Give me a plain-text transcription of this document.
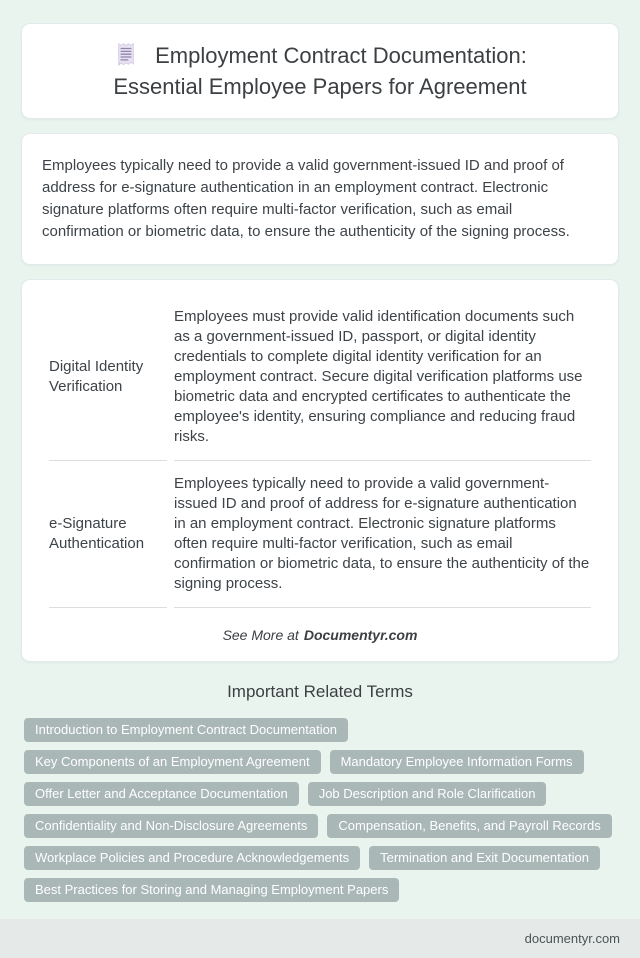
Employment Contract Documentation:
Essential Employee Papers for Agreement

Employees typically need to provide a valid government-issued ID and proof of address for e-signature authentication in an employment contract. Electronic signature platforms often require multi-factor verification, such as email confirmation or biometric data, to ensure the authenticity of the signing process.

Digital Identity Verification	Employees must provide valid identification documents such as a government-issued ID, passport, or digital identity credentials to complete digital identity verification for an employment contract. Secure digital verification platforms use biometric data and encrypted certificates to authenticate the employee's identity, ensuring compliance and reducing fraud risks.
e-Signature Authentication	Employees typically need to provide a valid government-issued ID and proof of address for e-signature authentication in an employment contract. Electronic signature platforms often require multi-factor verification, such as email confirmation or biometric data, to ensure the authenticity of the signing process.
See More at Documentyr.com
Important Related Terms
Introduction to Employment Contract Documentation
Key Components of an Employment Agreement	Mandatory Employee Information Forms
Offer Letter and Acceptance Documentation	Job Description and Role Clarification
Confidentiality and Non-Disclosure Agreements	Compensation, Benefits, and Payroll Records
Workplace Policies and Procedure Acknowledgements	Termination and Exit Documentation
Best Practices for Storing and Managing Employment Papers
documentyr.com
